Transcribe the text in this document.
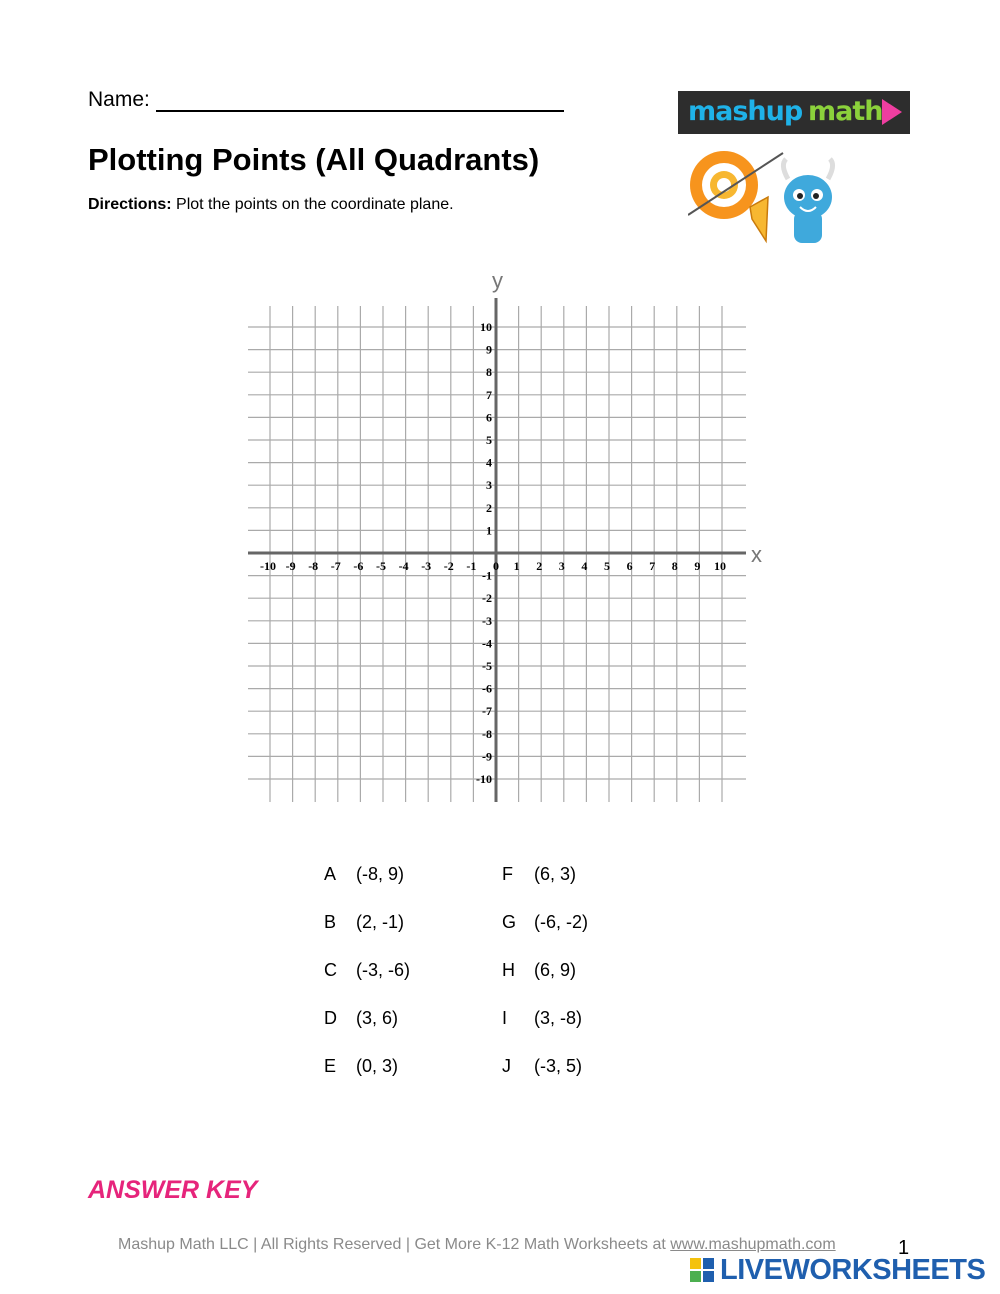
Name:
Plotting Points (All Quadrants)
Directions: Plot the points on the coordinate plane.
mashup math
-10 -9 -8 -7 -6 -5 -4 -3 -2 -1 0 1 2 3 4 5 6 7 8 9 10
10
9
8
7
6
5
4
3
2
1
-1
-2
-3
-4
-5
-6
-7
-8
-9
-10
x
y
A (-8, 9)
B (2, -1)
C (-3, -6)
D (3, 6)
E (0, 3)
F (6, 3)
G (-6, -2)
H (6, 9)
I (3, -8)
J (-3, 5)
ANSWER KEY
Mashup Math LLC | All Rights Reserved | Get More K-12 Math Worksheets at www.mashupmath.com	1
LIVEWORKSHEETS
